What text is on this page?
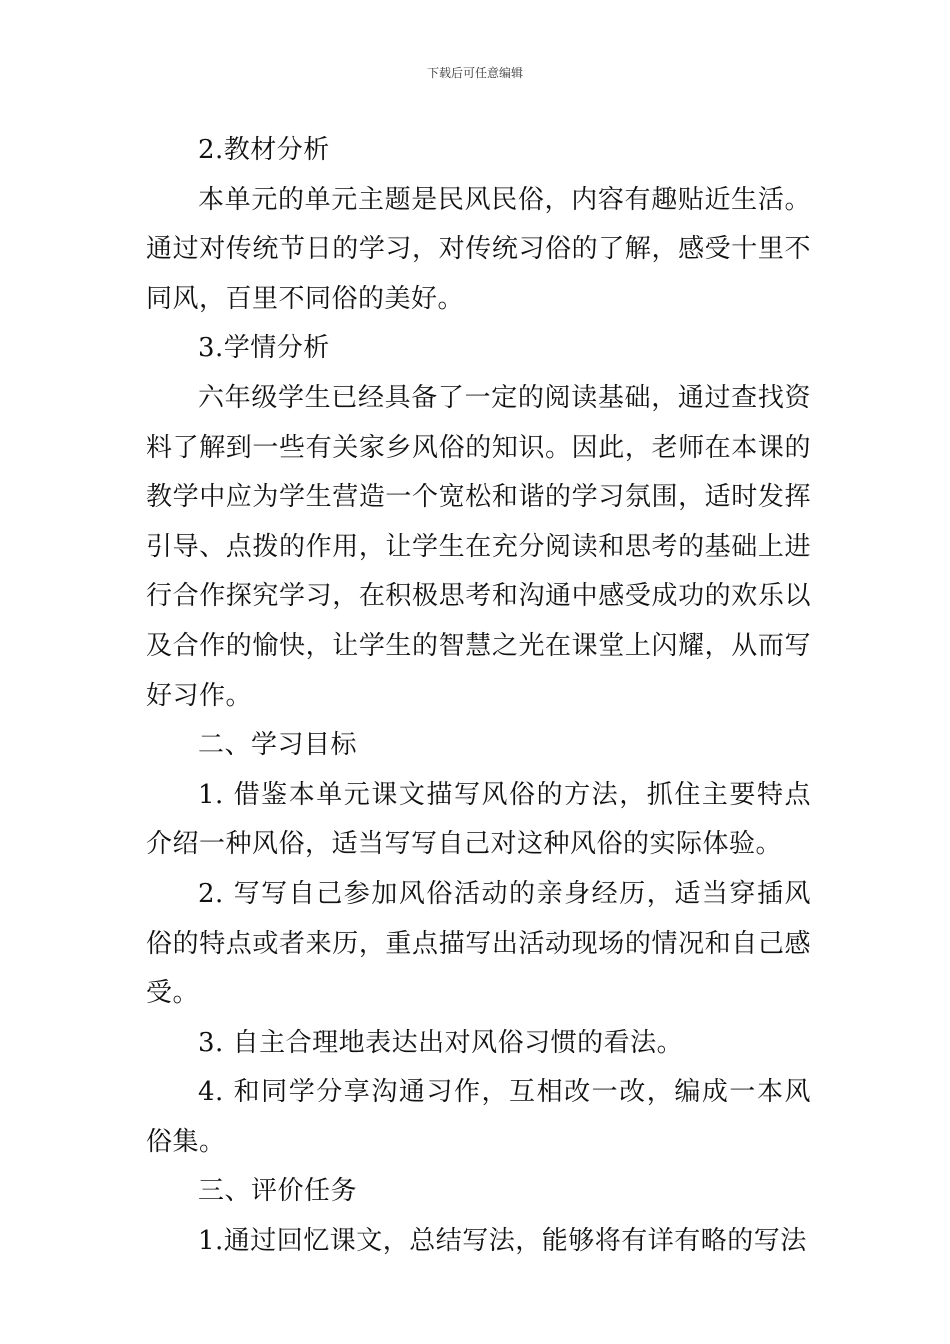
下载后可任意编辑

2.教材分析

本单元的单元主题是民风民俗，内容有趣贴近生活。通过对传统节日的学习，对传统习俗的了解，感受十里不同风，百里不同俗的美好。

3.学情分析

六年级学生已经具备了一定的阅读基础，通过查找资料了解到一些有关家乡风俗的知识。因此，老师在本课的教学中应为学生营造一个宽松和谐的学习氛围，适时发挥引导、点拨的作用，让学生在充分阅读和思考的基础上进行合作探究学习，在积极思考和沟通中感受成功的欢乐以及合作的愉快，让学生的智慧之光在课堂上闪耀，从而写好习作。

二、学习目标

1. 借鉴本单元课文描写风俗的方法，抓住主要特点介绍一种风俗，适当写写自己对这种风俗的实际体验。

2. 写写自己参加风俗活动的亲身经历，适当穿插风俗的特点或者来历，重点描写出活动现场的情况和自己感受。

3. 自主合理地表达出对风俗习惯的看法。

4. 和同学分享沟通习作，互相改一改，编成一本风俗集。

三、评价任务

1.通过回忆课文，总结写法，能够将有详有略的写法
